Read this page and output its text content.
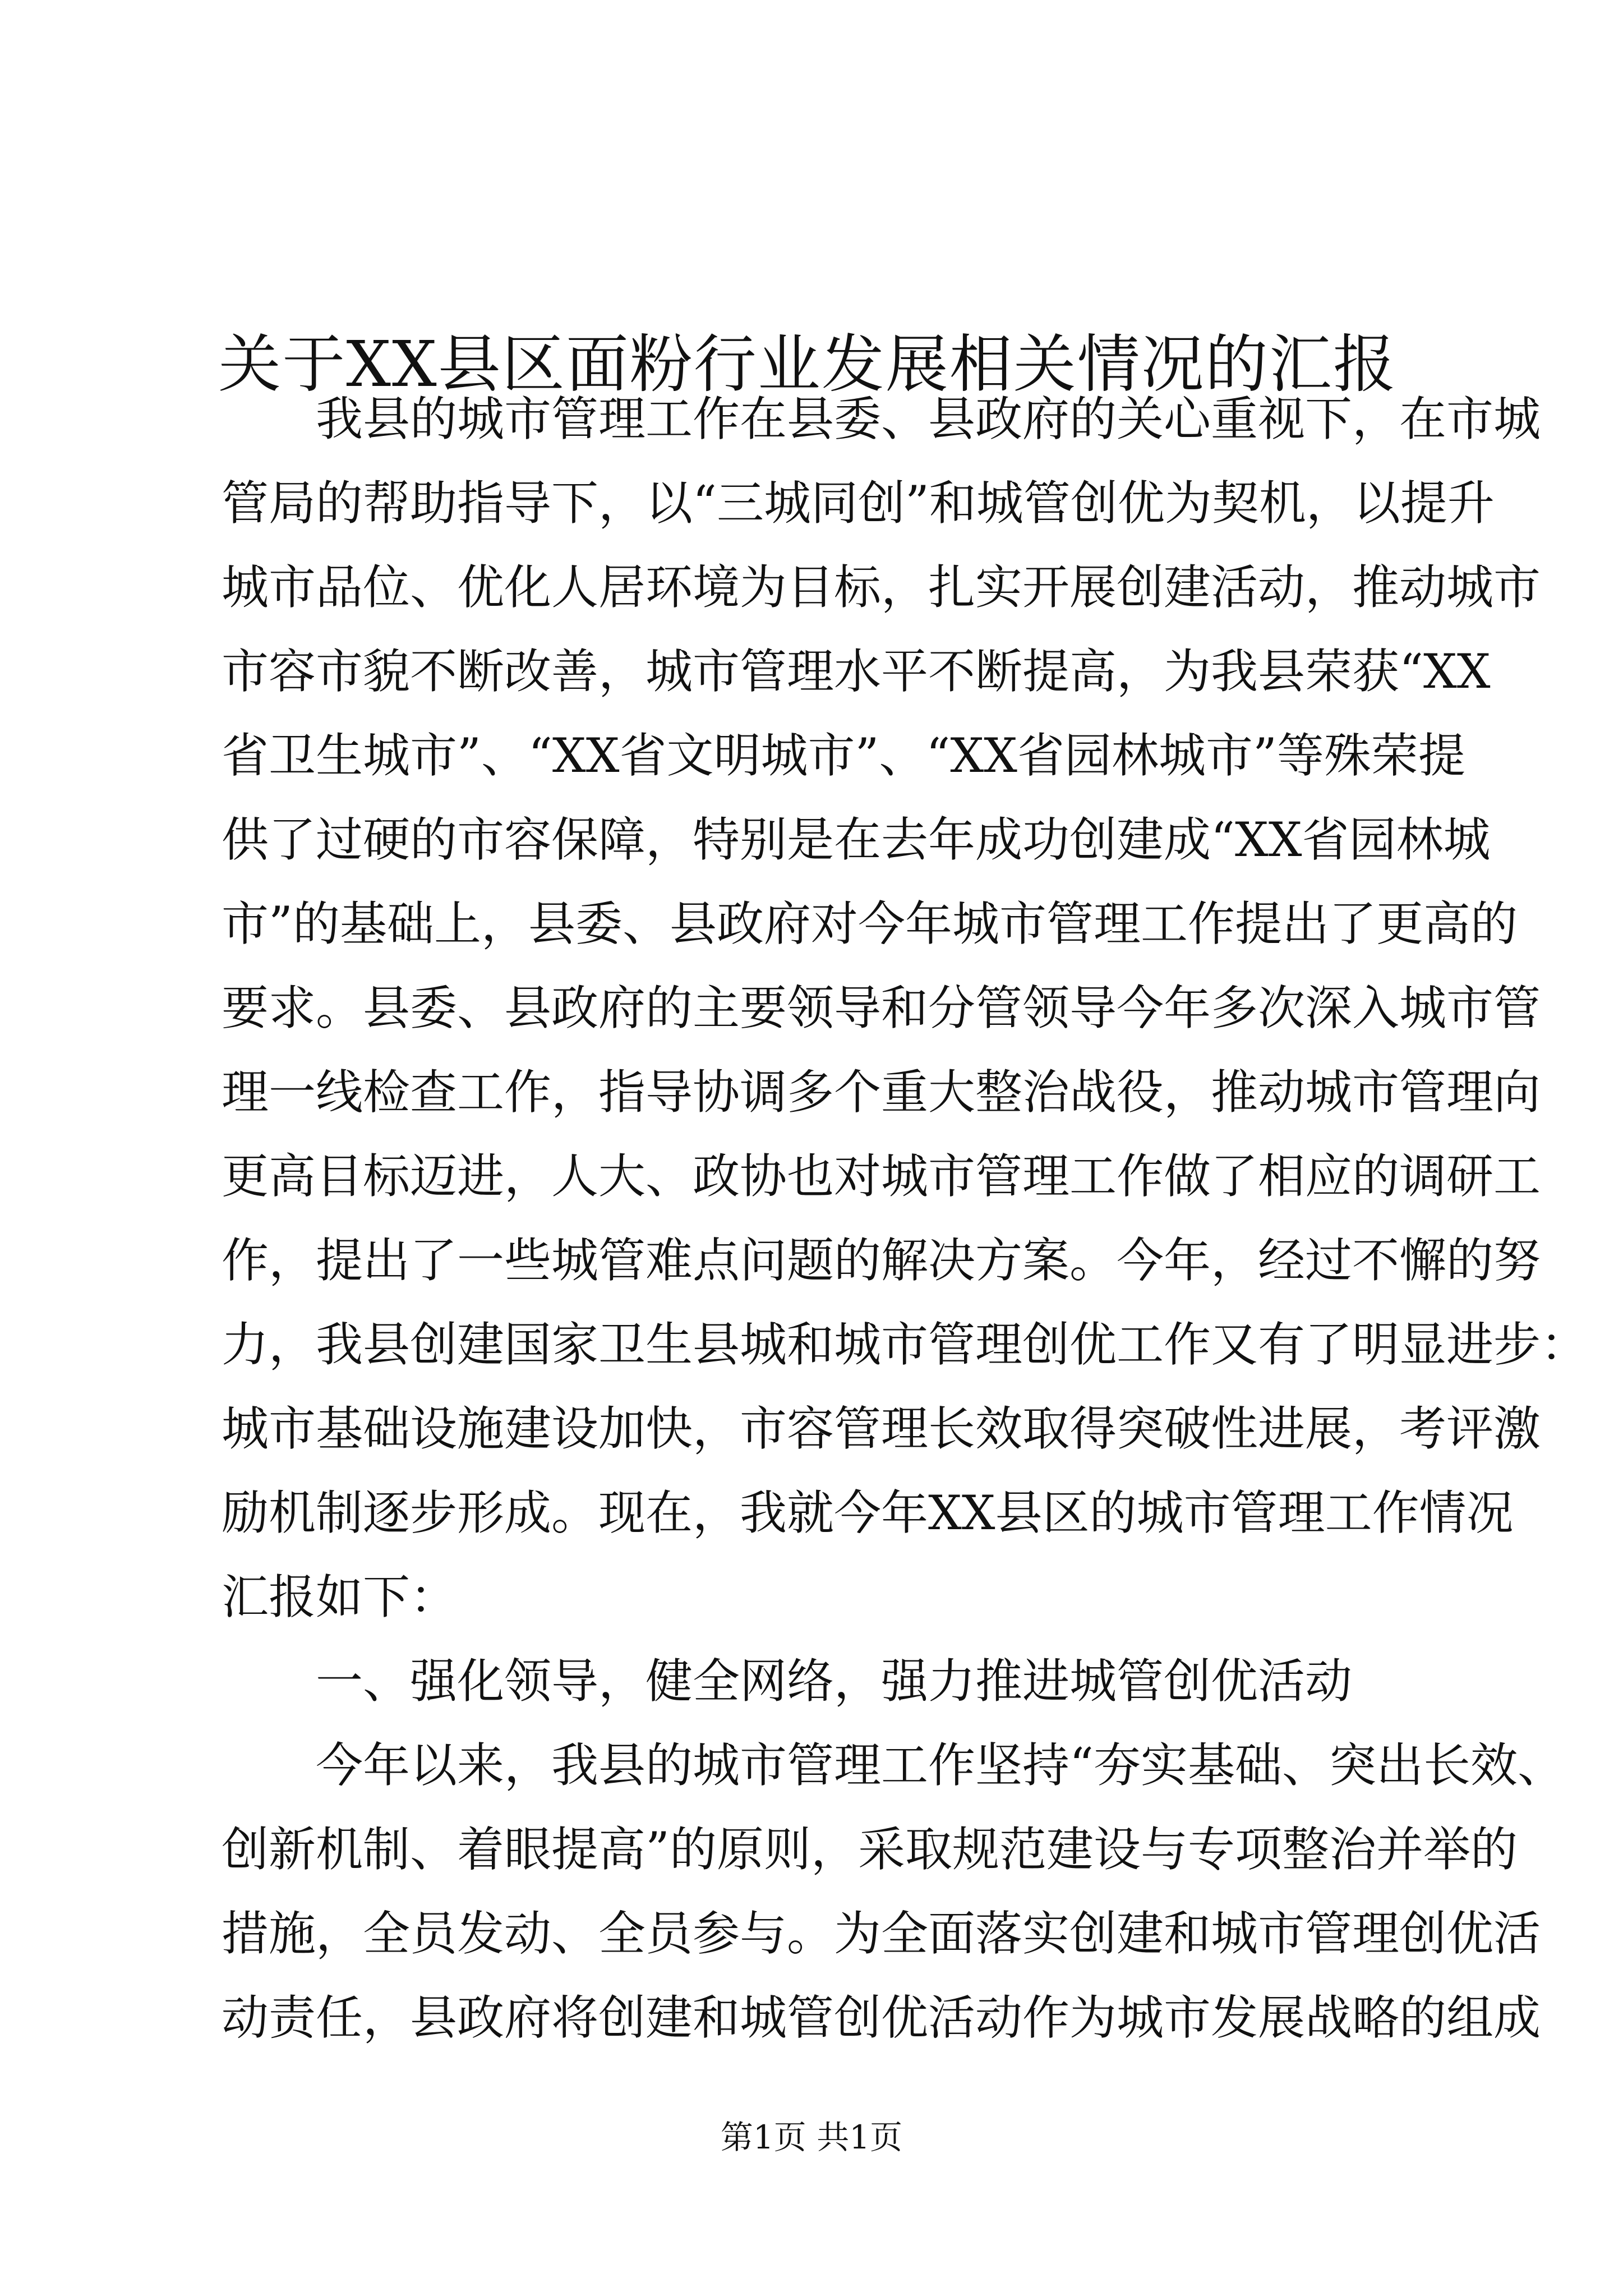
关于XX县区面粉行业发展相关情况的汇报
　　我县的城市管理工作在县委、县政府的关心重视下，在市城
管局的帮助指导下，以“三城同创”和城管创优为契机，以提升
城市品位、优化人居环境为目标，扎实开展创建活动，推动城市
市容市貌不断改善，城市管理水平不断提高，为我县荣获“XX
省卫生城市”、“XX省文明城市”、“XX省园林城市”等殊荣提
供了过硬的市容保障，特别是在去年成功创建成“XX省园林城
市”的基础上，县委、县政府对今年城市管理工作提出了更高的
要求。县委、县政府的主要领导和分管领导今年多次深入城市管
理一线检查工作，指导协调多个重大整治战役，推动城市管理向
更高目标迈进，人大、政协也对城市管理工作做了相应的调研工
作，提出了一些城管难点问题的解决方案。今年，经过不懈的努
力，我县创建国家卫生县城和城市管理创优工作又有了明显进步：
城市基础设施建设加快，市容管理长效取得突破性进展，考评激
励机制逐步形成。现在，我就今年XX县区的城市管理工作情况
汇报如下：
　　一、强化领导，健全网络，强力推进城管创优活动
　　今年以来，我县的城市管理工作坚持“夯实基础、突出长效、
创新机制、着眼提高”的原则，采取规范建设与专项整治并举的
措施，全员发动、全员参与。为全面落实创建和城市管理创优活
动责任，县政府将创建和城管创优活动作为城市发展战略的组成
第1页 共1页
